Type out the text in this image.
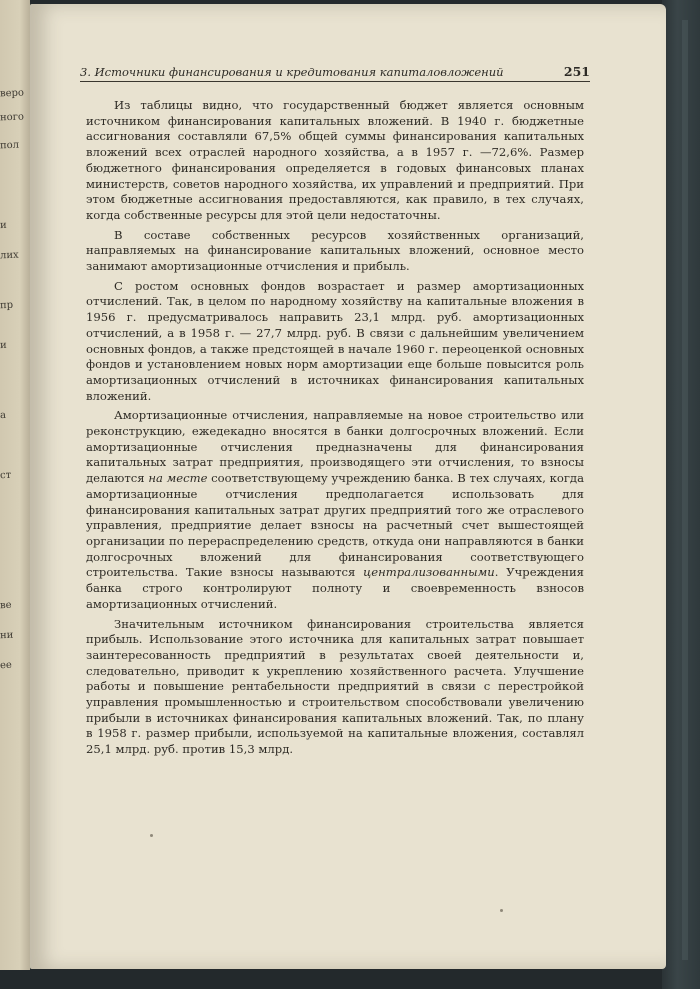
веро
ного
пол
и
лих
пр
и
а
ст
ве
ни
ее
3. Источники финансирования и кредитования капиталовложений	251

Из таблицы видно, что государственный бюджет является основным источником финансирования капитальных вложений. В 1940 г. бюджетные ассигнования составляли 67,5% общей суммы финансирования капитальных вложений всех отраслей народного хозяйства, а в 1957 г. —72,6%. Размер бюджетного финансирования определяется в годовых финансовых планах министерств, советов народного хозяйства, их управлений и предприятий. При этом бюджетные ассигнования предоставляются, как правило, в тех случаях, когда собственные ресурсы для этой цели недостаточны.

В составе собственных ресурсов хозяйственных организаций, направляемых на финансирование капитальных вложений, основное место занимают амортизационные отчисления и прибыль.

С ростом основных фондов возрастает и размер амортизационных отчислений. Так, в целом по народному хозяйству на капитальные вложения в 1956 г. предусматривалось направить 23,1 млрд. руб. амортизационных отчислений, а в 1958 г. — 27,7 млрд. руб. В связи с дальнейшим увеличением основных фондов, а также предстоящей в начале 1960 г. переоценкой основных фондов и установлением новых норм амортизации еще больше повысится роль амортизационных отчислений в источниках финансирования капитальных вложений.

Амортизационные отчисления, направляемые на новое строительство или реконструкцию, ежедекадно вносятся в банки долгосрочных вложений. Если амортизационные отчисления предназначены для финансирования капитальных затрат предприятия, производящего эти отчисления, то взносы делаются на месте соответствующему учреждению банка. В тех случаях, когда амортизационные отчисления предполагается использовать для финансирования капитальных затрат других предприятий того же отраслевого управления, предприятие делает взносы на расчетный счет вышестоящей организации по перераспределению средств, откуда они направляются в банки долгосрочных вложений для финансирования соответствующего строительства. Такие взносы называются централизованными. Учреждения банка строго контролируют полноту и своевременность взносов амортизационных отчислений.

Значительным источником финансирования строительства является прибыль. Использование этого источника для капитальных затрат повышает заинтересованность предприятий в результатах своей деятельности и, следовательно, приводит к укреплению хозяйственного расчета. Улучшение работы и повышение рентабельности предприятий в связи с перестройкой управления промышленностью и строительством способствовали увеличению прибыли в источниках финансирования капитальных вложений. Так, по плану в 1958 г. размер прибыли, используемой на капитальные вложения, составлял 25,1 млрд. руб. против 15,3 млрд.
